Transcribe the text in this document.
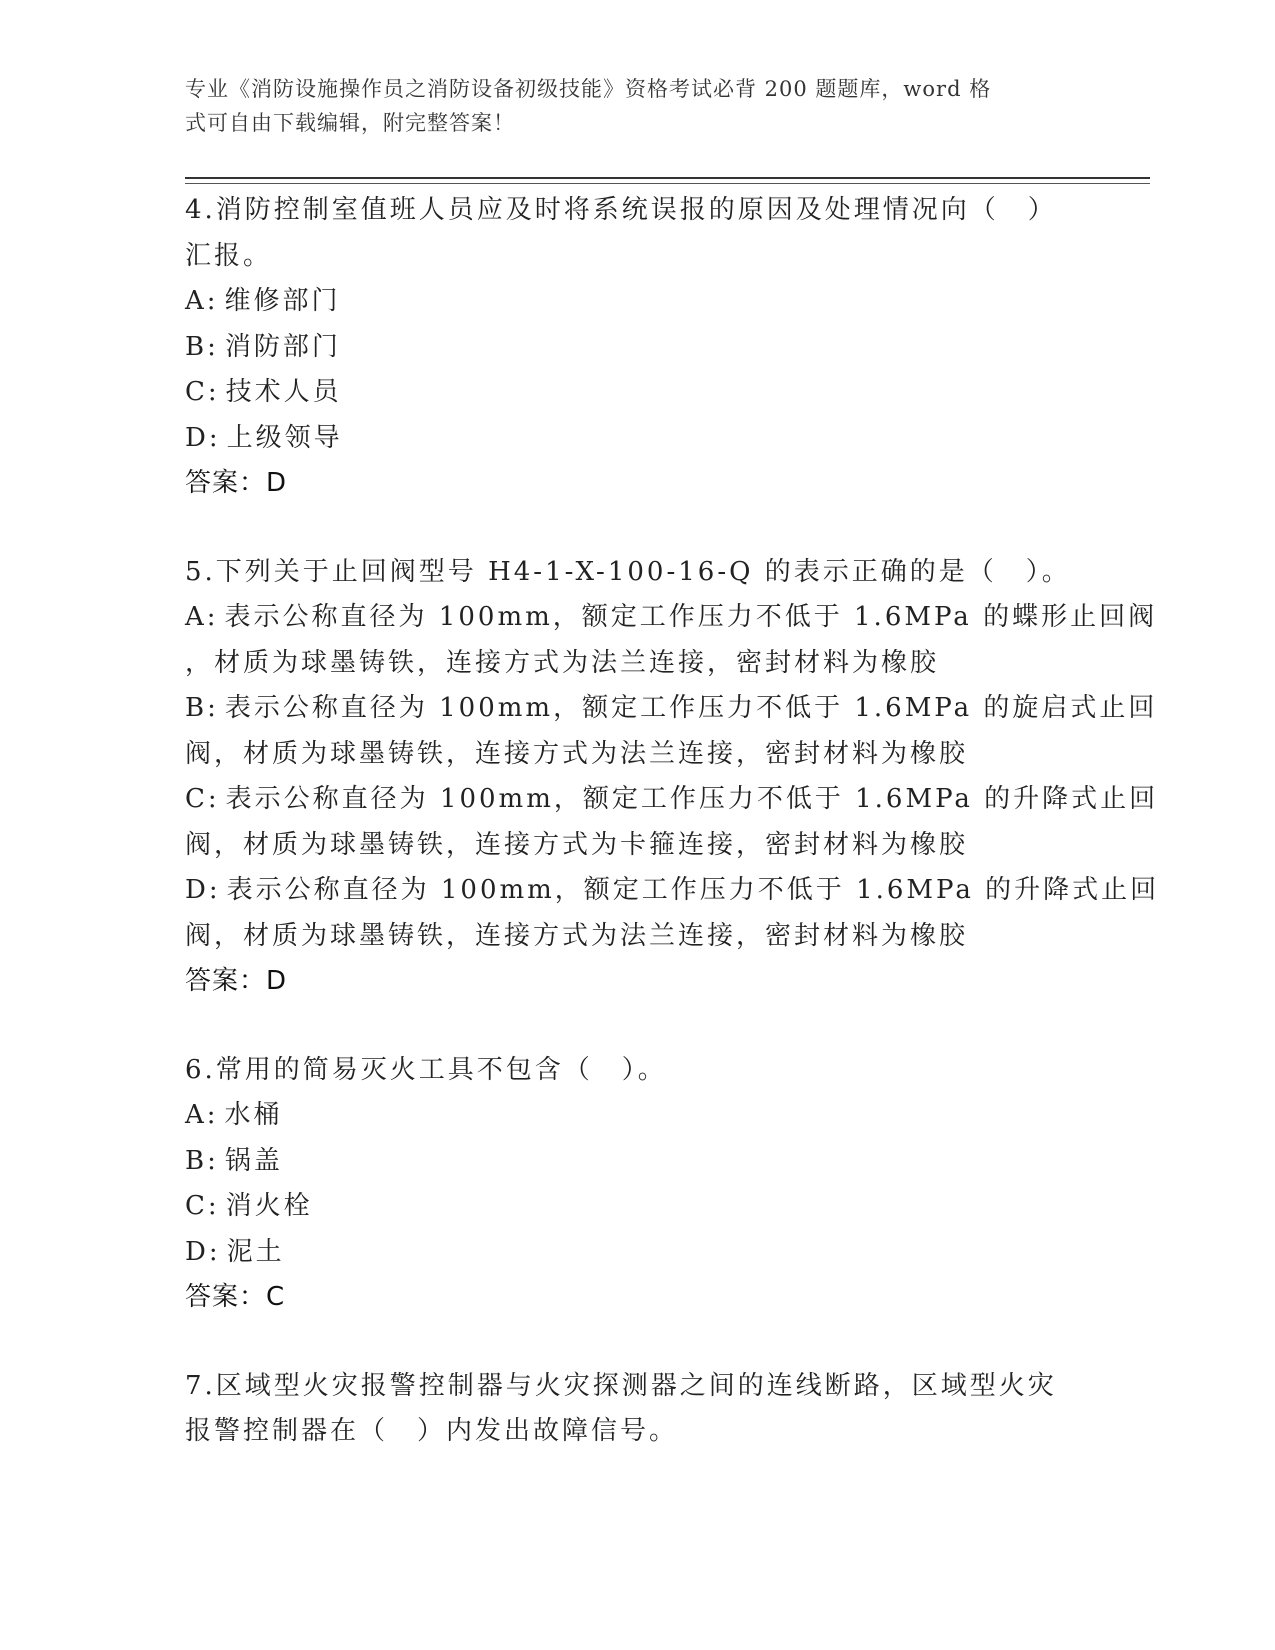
专业《消防设施操作员之消防设备初级技能》资格考试必背 200 题题库，word 格
式可自由下载编辑，附完整答案！
4.消防控制室值班人员应及时将系统误报的原因及处理情况向（　）
汇报。
A: 维修部门
B: 消防部门
C: 技术人员
D: 上级领导
答案：D
5.下列关于止回阀型号 H4-1-X-100-16-Q 的表示正确的是（　）。
A: 表示公称直径为 100mm，额定工作压力不低于 1.6MPa 的蝶形止回阀
，材质为球墨铸铁，连接方式为法兰连接，密封材料为橡胶
B: 表示公称直径为 100mm，额定工作压力不低于 1.6MPa 的旋启式止回
阀，材质为球墨铸铁，连接方式为法兰连接，密封材料为橡胶
C: 表示公称直径为 100mm，额定工作压力不低于 1.6MPa 的升降式止回
阀，材质为球墨铸铁，连接方式为卡箍连接，密封材料为橡胶
D: 表示公称直径为 100mm，额定工作压力不低于 1.6MPa 的升降式止回
阀，材质为球墨铸铁，连接方式为法兰连接，密封材料为橡胶
答案：D
6.常用的简易灭火工具不包含（　）。
A: 水桶
B: 锅盖
C: 消火栓
D: 泥土
答案：C
7.区域型火灾报警控制器与火灾探测器之间的连线断路，区域型火灾
报警控制器在（　）内发出故障信号。
